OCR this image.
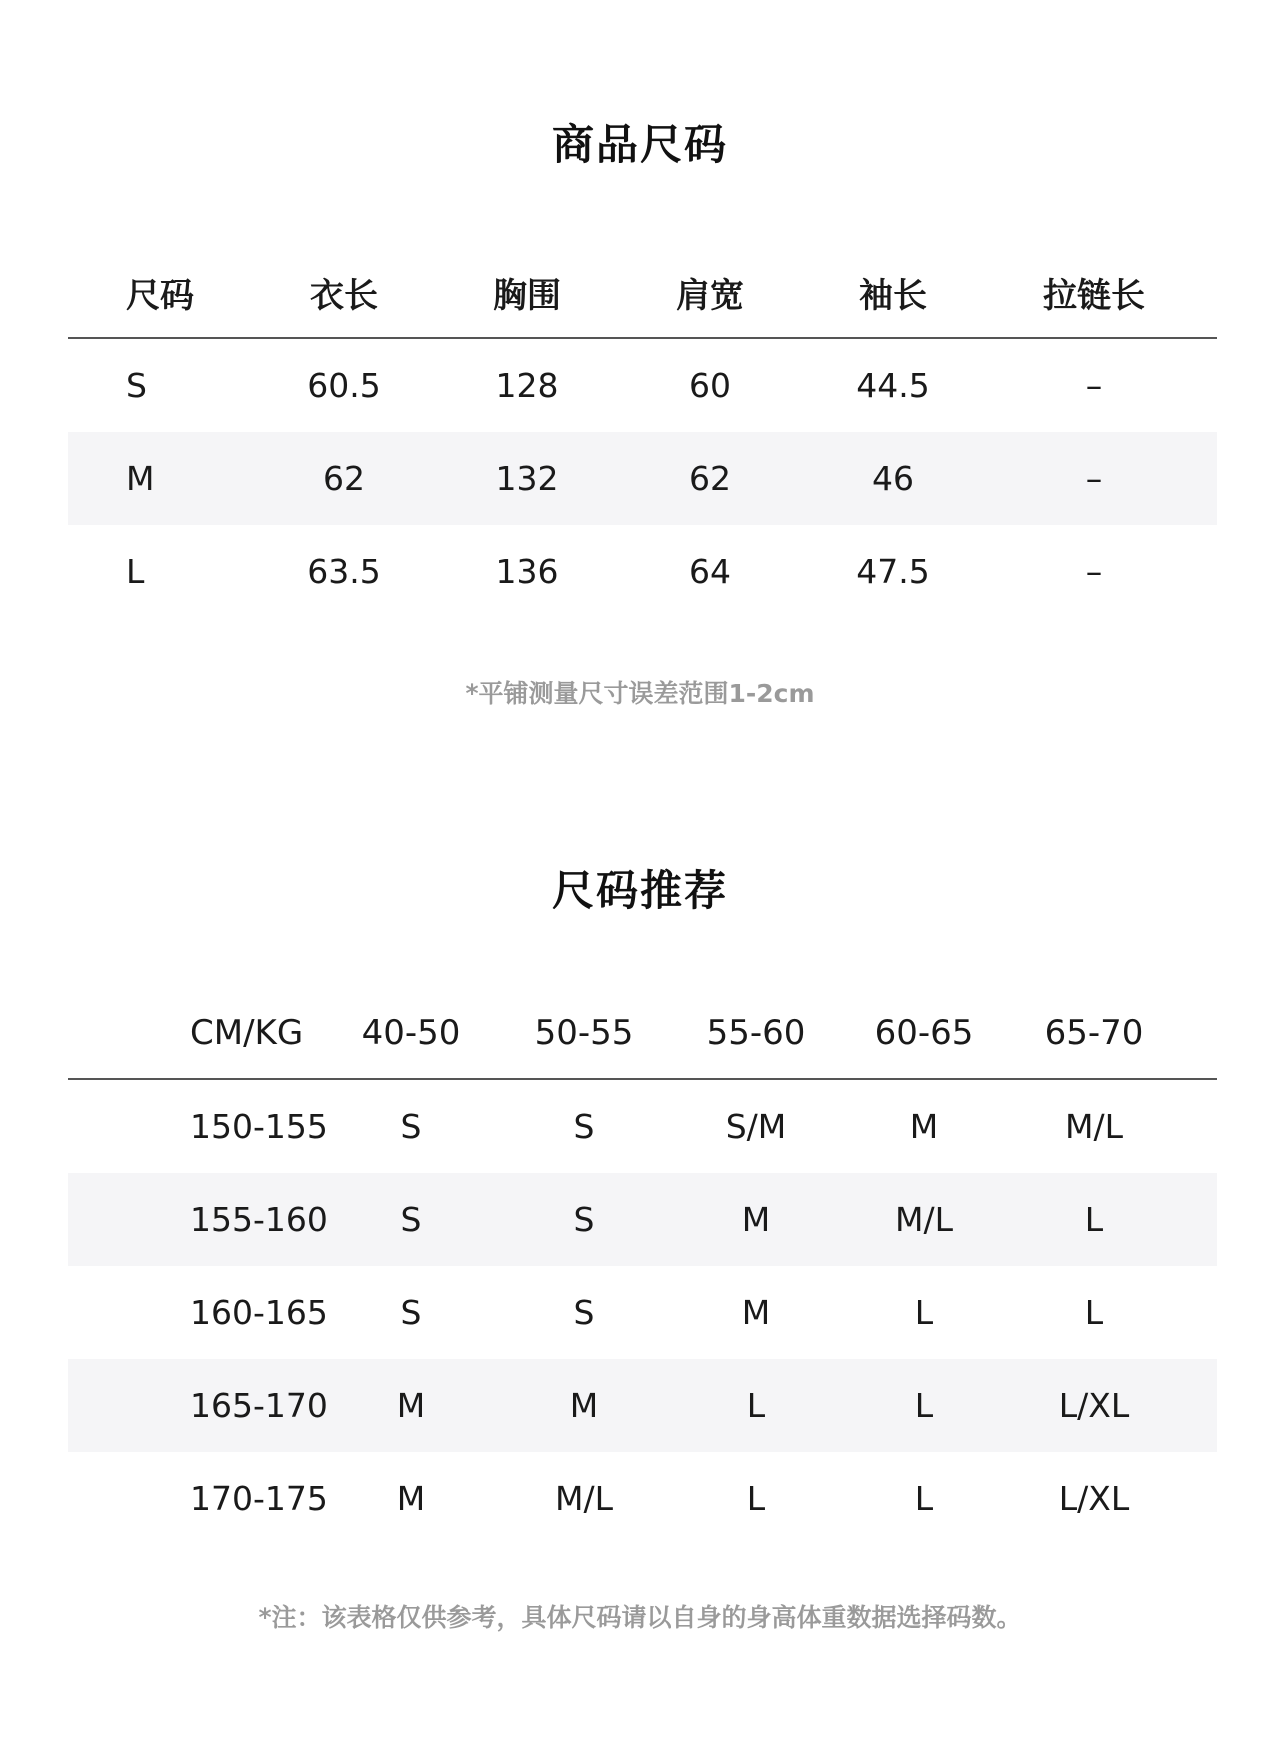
商品尺码
尺码	衣长	胸围	肩宽	袖长	拉链长
S	60.5	128	60	44.5	–
M	62	132	62	46	–
L	63.5	136	64	47.5	–
*平铺测量尺寸误差范围1-2cm
尺码推荐
CM/KG	40-50	50-55	55-60	60-65	65-70
150-155	S	S	S/M	M	M/L
155-160	S	S	M	M/L	L
160-165	S	S	M	L	L
165-170	M	M	L	L	L/XL
170-175	M	M/L	L	L	L/XL
*注：该表格仅供参考，具体尺码请以自身的身高体重数据选择码数。
